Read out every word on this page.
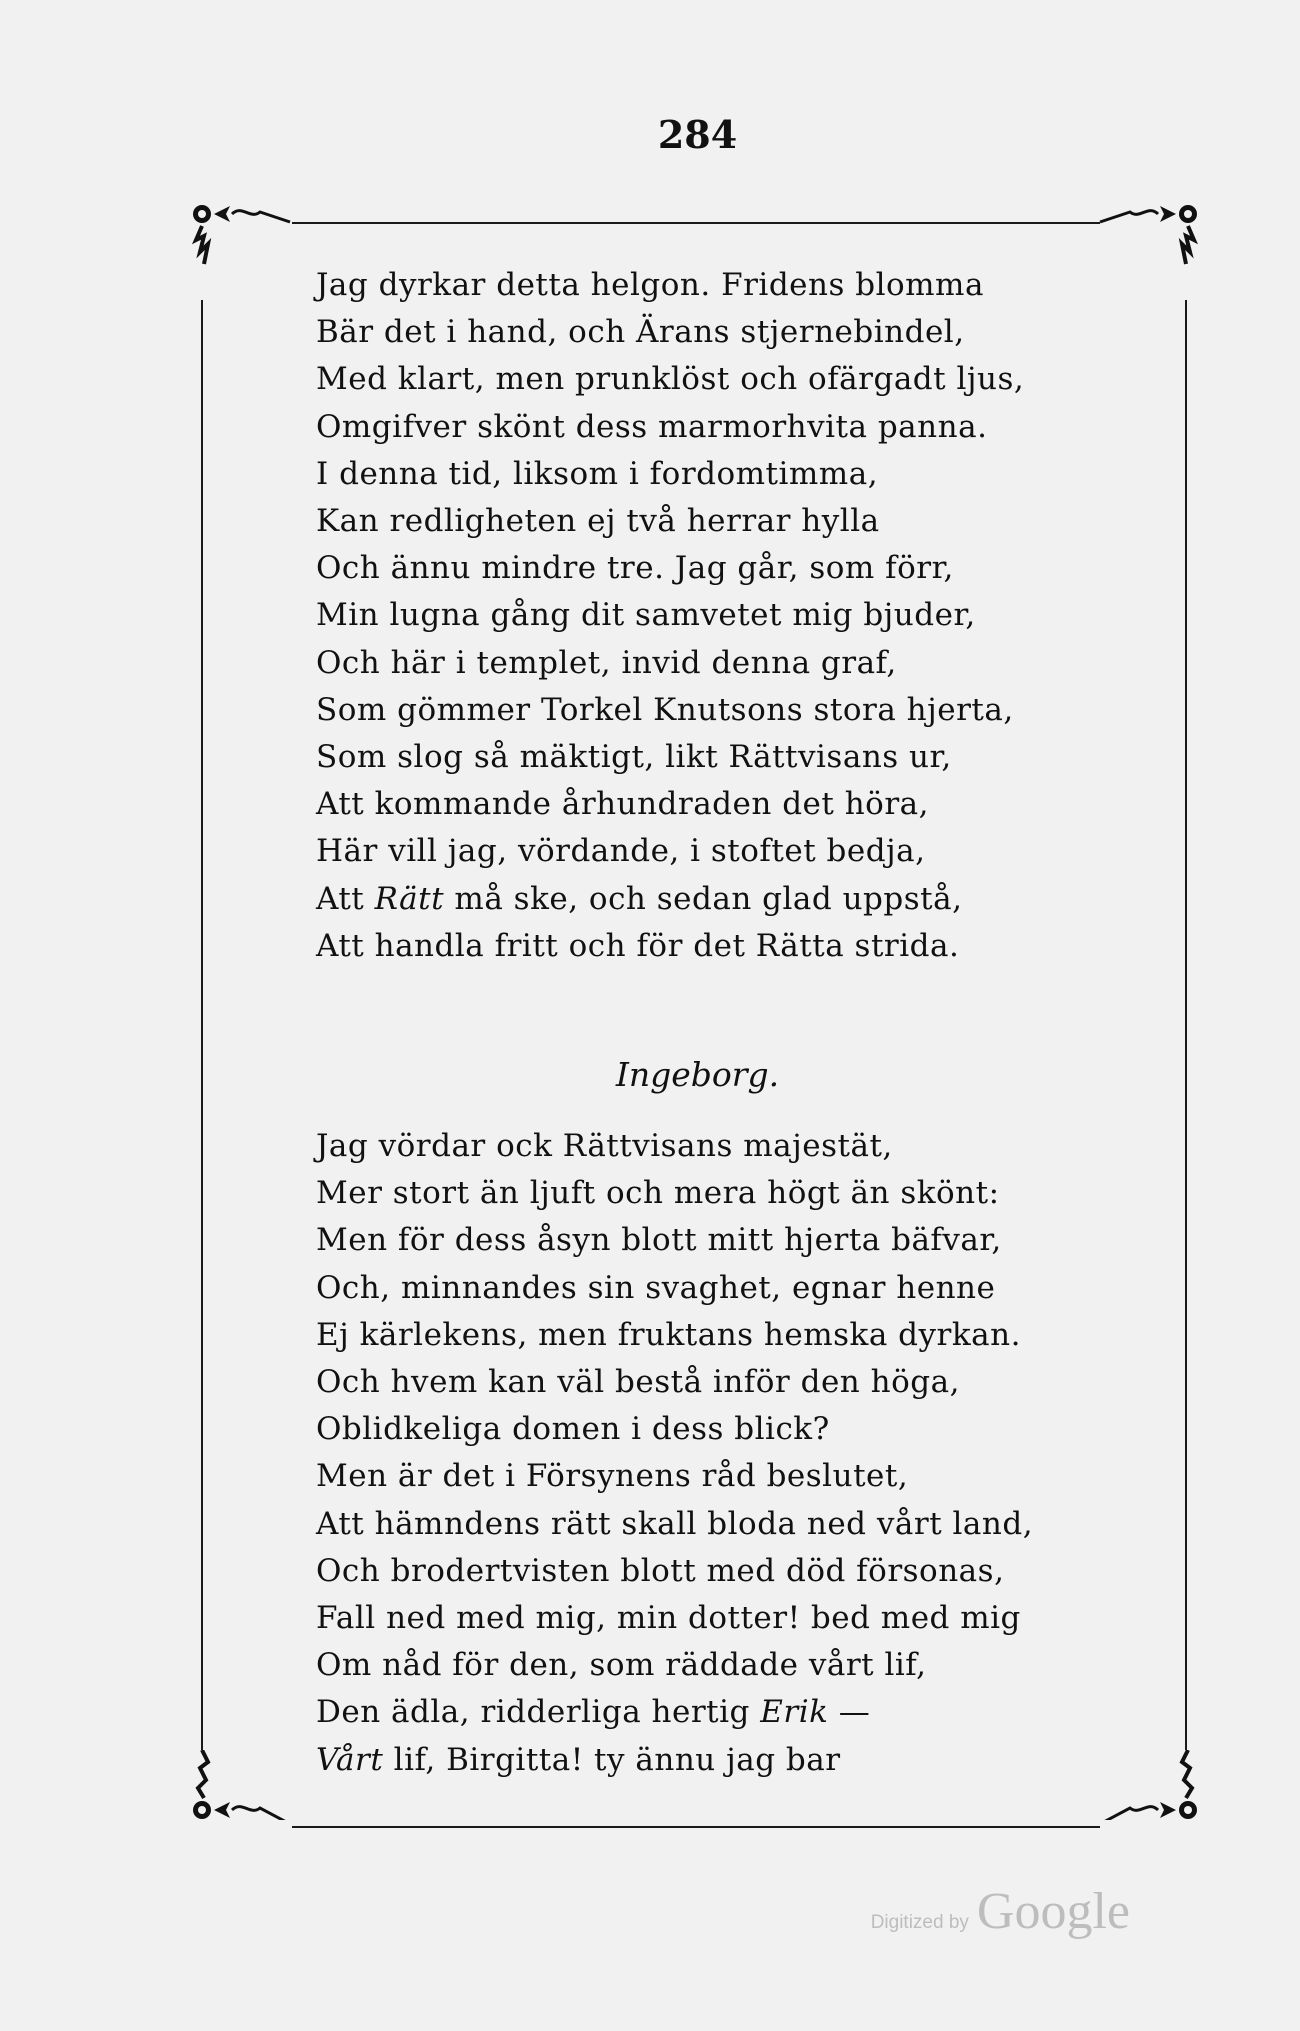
284
Jag dyrkar detta helgon. Fridens blomma
Bär det i hand, och Ärans stjernebindel,
Med klart, men prunklöst och ofärgadt ljus,
Omgifver skönt dess marmorhvita panna.
I denna tid, liksom i fordomtimma,
Kan redligheten ej två herrar hylla
Och ännu mindre tre. Jag går, som förr,
Min lugna gång dit samvetet mig bjuder,
Och här i templet, invid denna graf,
Som gömmer Torkel Knutsons stora hjerta,
Som slog så mäktigt, likt Rättvisans ur,
Att kommande århundraden det höra,
Här vill jag, vördande, i stoftet bedja,
Att Rätt må ske, och sedan glad uppstå,
Att handla fritt och för det Rätta strida.
Ingeborg.
Jag vördar ock Rättvisans majestät,
Mer stort än ljuft och mera högt än skönt:
Men för dess åsyn blott mitt hjerta bäfvar,
Och, minnandes sin svaghet, egnar henne
Ej kärlekens, men fruktans hemska dyrkan.
Och hvem kan väl bestå inför den höga,
Oblidkeliga domen i dess blick?
Men är det i Försynens råd beslutet,
Att hämndens rätt skall bloda ned vårt land,
Och brodertvisten blott med död försonas,
Fall ned med mig, min dotter! bed med mig
Om nåd för den, som räddade vårt lif,
Den ädla, ridderliga hertig Erik —
Vårt lif, Birgitta! ty ännu jag bar
Digitized by Google
